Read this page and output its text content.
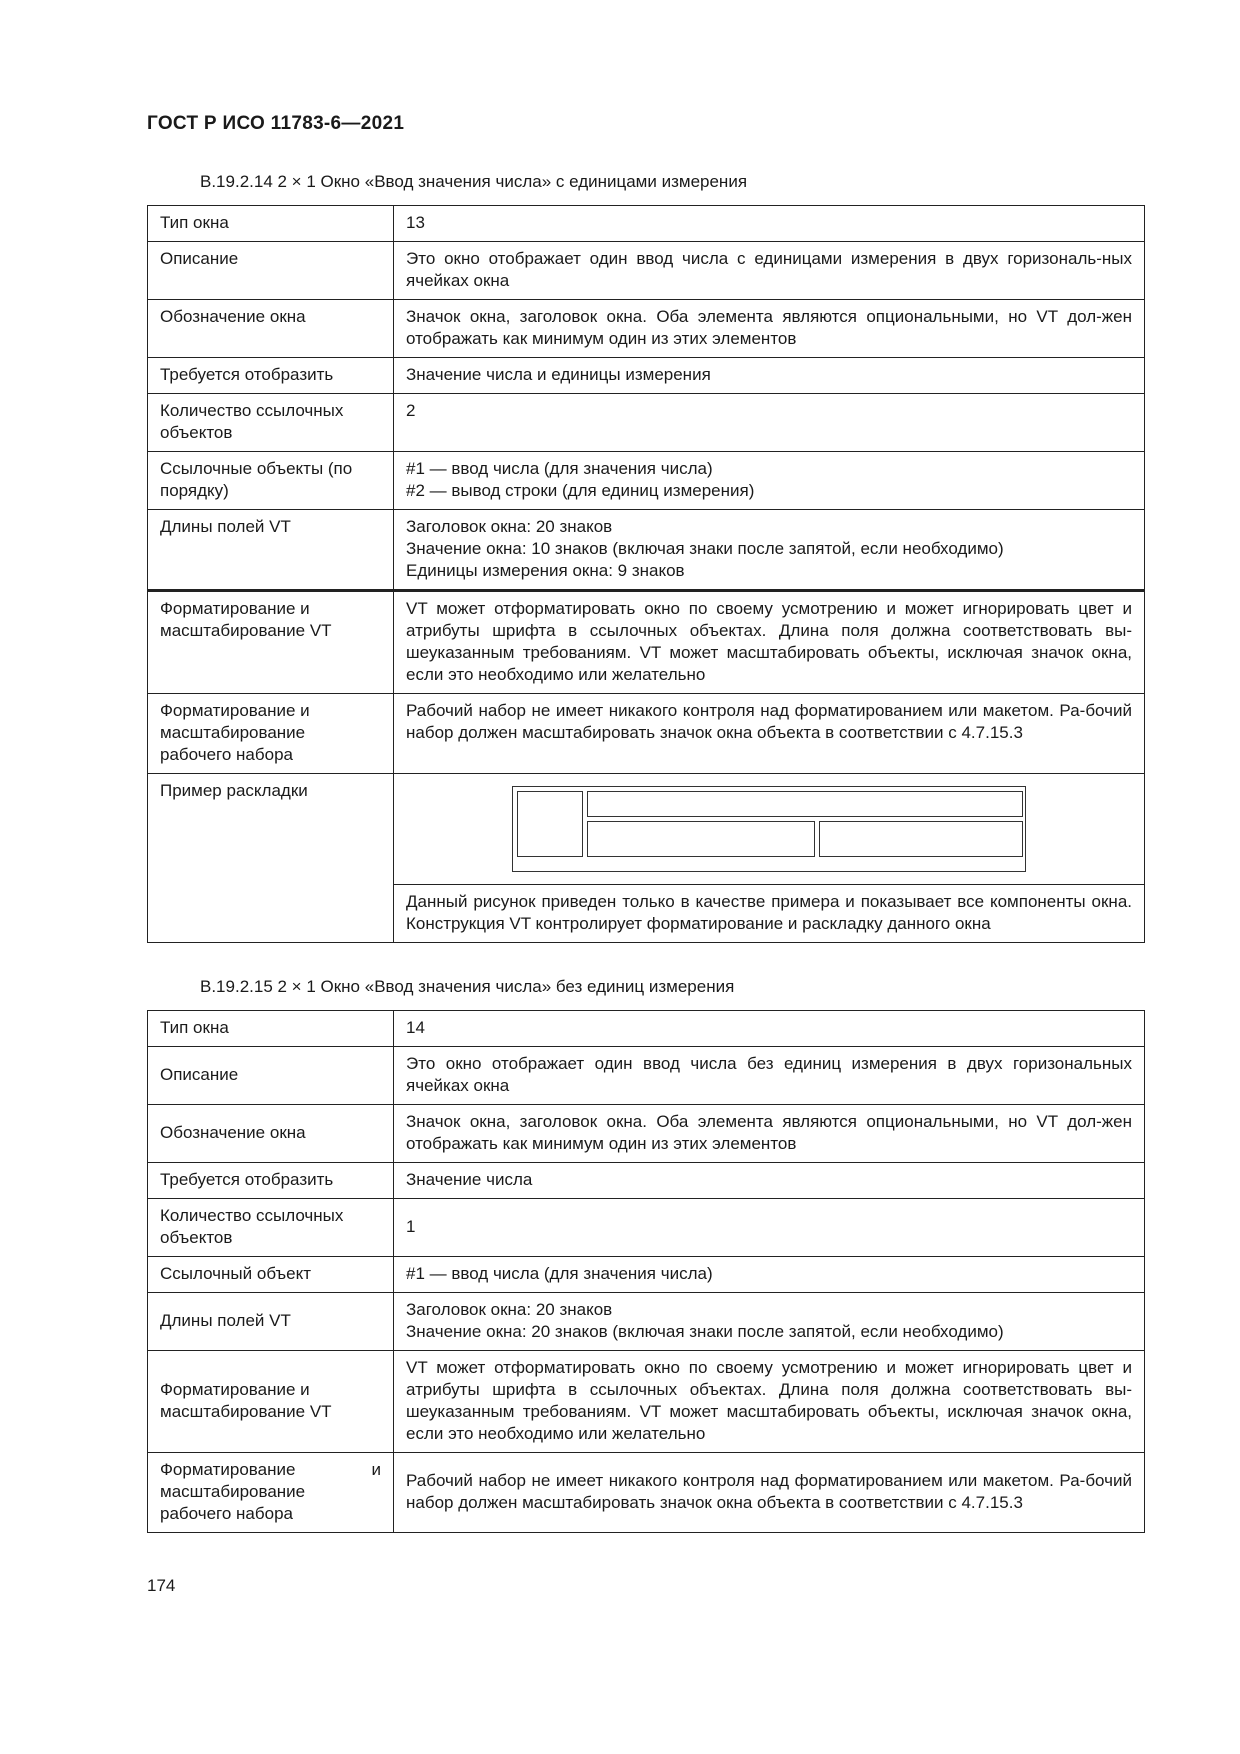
ГОСТ Р ИСО 11783-6—2021
B.19.2.14 2 × 1 Окно «Ввод значения числа» с единицами измерения
Тип окна	13
Описание	Это окно отображает один ввод числа с единицами измерения в двух горизональ-ных ячейках окна
Обозначение окна	Значок окна, заголовок окна. Оба элемента являются опциональными, но VT дол-жен отображать как минимум один из этих элементов
Требуется отобразить	Значение числа и единицы измерения
Количество ссылочных объектов	2
Ссылочные объекты (по порядку)	#1 — ввод числа (для значения числа)
#2 — вывод строки (для единиц измерения)

Длины полей VT	Заголовок окна: 20 знаков
Значение окна: 10 знаков (включая знаки после запятой, если необходимо)
Единицы измерения окна: 9 знаков

Форматирование и масштабирование VT	VT может отформатировать окно по своему усмотрению и может игнорировать цвет и атрибуты шрифта в ссылочных объектах. Длина поля должна соответствовать вы-шеуказанным требованиям. VT может масштабировать объекты, исключая значок окна, если это необходимо или желательно
Форматирование и масштабирование рабочего набора	Рабочий набор не имеет никакого контроля над форматированием или макетом. Ра-бочий набор должен масштабировать значок окна объекта в соответствии с 4.7.15.3
Пример раскладки	

	Данный рисунок приведен только в качестве примера и показывает все компоненты окна. Конструкция VT контролирует форматирование и раскладку данного окна
B.19.2.15 2 × 1 Окно «Ввод значения числа» без единиц измерения
Тип окна	14
Описание	Это окно отображает один ввод числа без единиц измерения в двух горизональных ячейках окна
Обозначение окна	Значок окна, заголовок окна. Оба элемента являются опциональными, но VT дол-жен отображать как минимум один из этих элементов
Требуется отобразить	Значение числа
Количество ссылочных объектов	1
Ссылочный объект	#1 — ввод числа (для значения числа)
Длины полей VT	Заголовок окна: 20 знаков
Значение окна: 20 знаков (включая знаки после запятой, если необходимо)

Форматирование и масштабирование VT	VT может отформатировать окно по своему усмотрению и может игнорировать цвет и атрибуты шрифта в ссылочных объектах. Длина поля должна соответствовать вы-шеуказанным требованиям. VT может масштабировать объекты, исключая значок окна, если это необходимо или желательно
Форматирование и масштабирование рабочего набора	Рабочий набор не имеет никакого контроля над форматированием или макетом. Ра-бочий набор должен масштабировать значок окна объекта в соответствии с 4.7.15.3
174
